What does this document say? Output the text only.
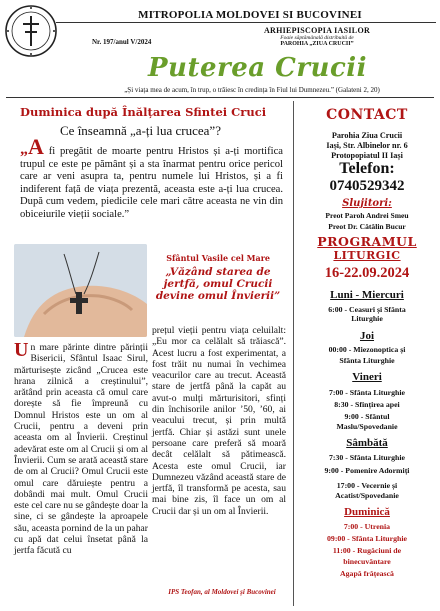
MITROPOLIA MOLDOVEI SI BUCOVINEI
Nr. 197/anul V/2024
ARHIEPISCOPIA IASILOR
Foaie săptămânală distribuită de
PAROHIA „ZIUA CRUCII”
Puterea Crucii
„Și viața mea de acum, în trup, o trăiesc în credința în Fiul lui Dumnezeu.” (Galateni 2, 20)
Duminica după Înălțarea Sfintei Cruci
Ce înseamnă „a-ți lua crucea”?
„A fi pregătit de moarte pentru Hristos și a-ți mortifica trupul ce este pe pământ și a sta înarmat pentru orice pericol care ar veni asupra ta, pentru numele lui Hristos, și a fi indiferent față de viața prezentă, aceasta este a-ți lua crucea. După cum vedem, piedicile cele mari către aceasta ne vin din obiceiurile vieții sociale.”
Sfântul Vasile cel Mare
„Văzând starea de jertfă, omul Crucii devine omul Învierii”
Un mare părinte dintre părinții Bisericii, Sfântul Isaac Sirul, mărturisește zicând „Crucea este hrana zilnică a creștinului”, arătând prin aceasta că omul care dorește să fie împreună cu Domnul Hristos este un om al Crucii, pentru a deveni prin aceasta om al Învierii. Creștinul adevărat este om al Crucii și om al Învierii. Cum se arată aceastǎ stare de om al Crucii? Omul Crucii este omul care dăruiește pentru a dobândi mai mult. Omul Crucii este cel care nu se gândește doar la sine, ci se gândește la aproapele său, aceasta pornind de la un pahar cu apă dat celui însetat până la jertfa făcută cu
prețul vieții pentru viața celuilalt: „Eu mor ca celălalt să trăiască”. Acest lucru a fost experimentat, a fost trăit nu numai în vechimea veacurilor care au trecut. Această stare de jertfă până la capăt au avut-o mulți mărturisitori, sfinți din închisorile anilor ’50, ’60, ai veacului trecut, și prin multă jertfă. Chiar și astăzi sunt unele persoane care preferă să moară decât celălalt să pătimească. Acesta este omul Crucii, iar Dumnezeu văzând această stare de jertfă, îl transformă pe acesta, sau mai bine zis, îl face un om al Crucii dar și un om al Învierii.
IPS Teofan, al Moldovei și Bucovinei
CONTACT
Parohia Ziua Crucii
Iași, Str. Albinelor nr. 6
Protopopiatul II Iași
Telefon:
0740529342
Slujitori:
Preot Paroh Andrei Smeu
Preot Dr. Cătălin Bucur
PROGRAMUL
LITURGIC
16-22.09.2024
Luni - Miercuri
6:00 - Ceasuri și Sfânta
Liturghie
Joi
00:00 - Miezonoptica și
Sfânta Liturghie
Vineri
7:00 - Sfânta Liturghie
8:30 - Sfințirea apei
9:00 - Sfântul
Maslu/Spovedanie
Sâmbătă
7:30 - Sfânta Liturghie
9:00 - Pomenire Adormiți
17:00 - Vecernie și
Acatist/Spovedanie
Duminică
7:00 - Utrenia
09:00 - Sfânta Liturghie
11:00 - Rugăciuni de
binecuvântare
Agapă frățească
